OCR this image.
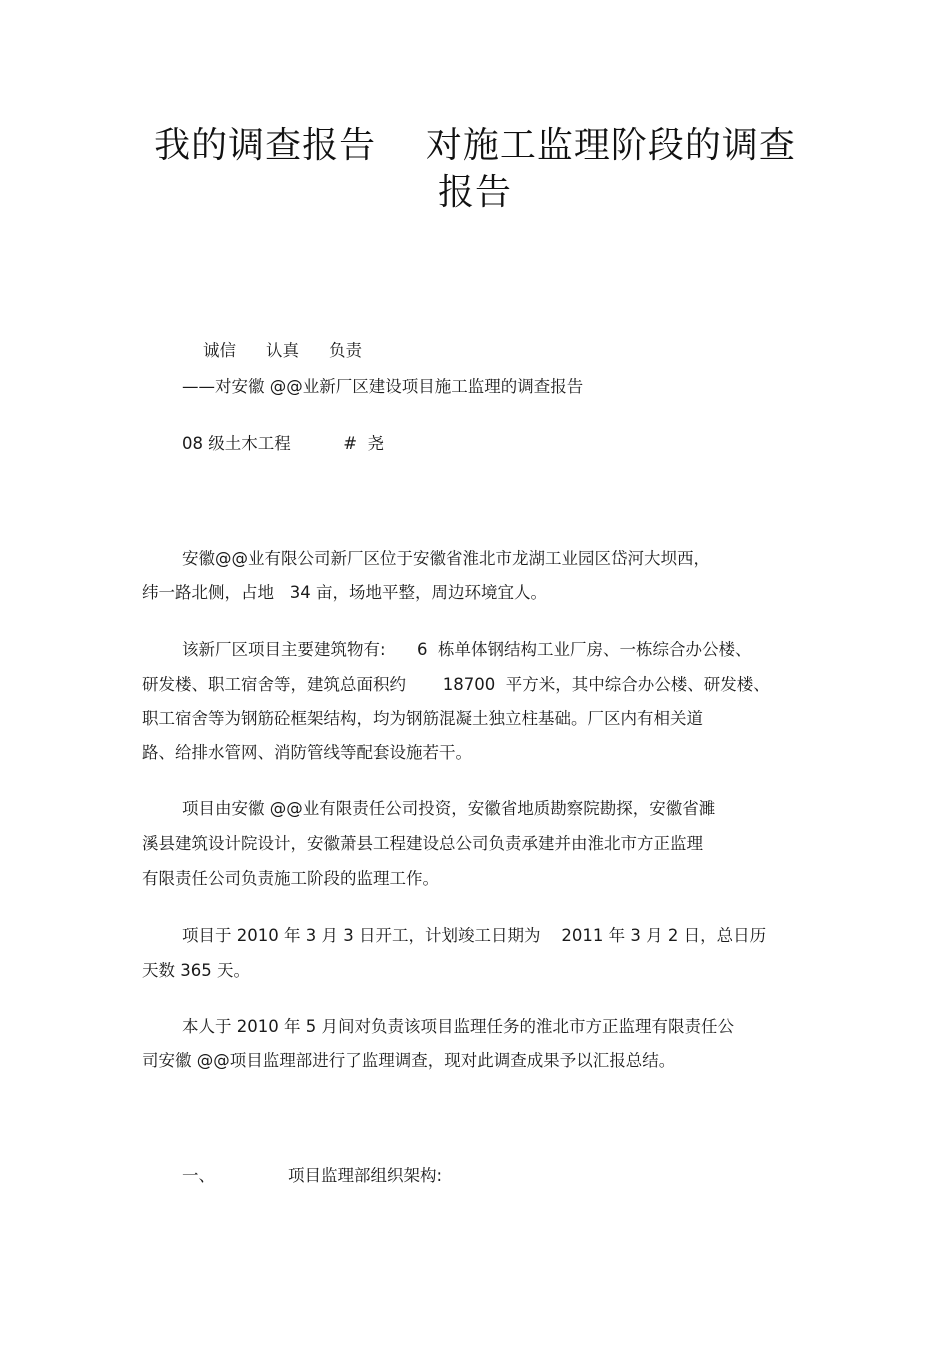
我的调查报告    对施工监理阶段的调查
报告

诚信 认真 负责

——对安徽 @@业新厂区建设项目施工监理的调查报告
08 级土木工程          #  尧
安徽@@业有限公司新厂区位于安徽省淮北市龙湖工业园区岱河大坝西，
纬一路北侧，占地   34 亩，场地平整，周边环境宜人。
该新厂区项目主要建筑物有:      6  栋单体钢结构工业厂房、一栋综合办公楼、
研发楼、职工宿舍等，建筑总面积约       18700  平方米，其中综合办公楼、研发楼、
职工宿舍等为钢筋砼框架结构，均为钢筋混凝土独立柱基础。厂区内有相关道
路、给排水管网、消防管线等配套设施若干。
项目由安徽 @@业有限责任公司投资，安徽省地质勘察院勘探，安徽省濉
溪县建筑设计院设计，安徽萧县工程建设总公司负责承建并由淮北市方正监理
有限责任公司负责施工阶段的监理工作。
项目于 2010 年 3 月 3 日开工，计划竣工日期为    2011 年 3 月 2 日，总日历
天数 365 天。
本人于 2010 年 5 月间对负责该项目监理任务的淮北市方正监理有限责任公
司安徽 @@项目监理部进行了监理调查，现对此调查成果予以汇报总结。
一、	项目监理部组织架构:
